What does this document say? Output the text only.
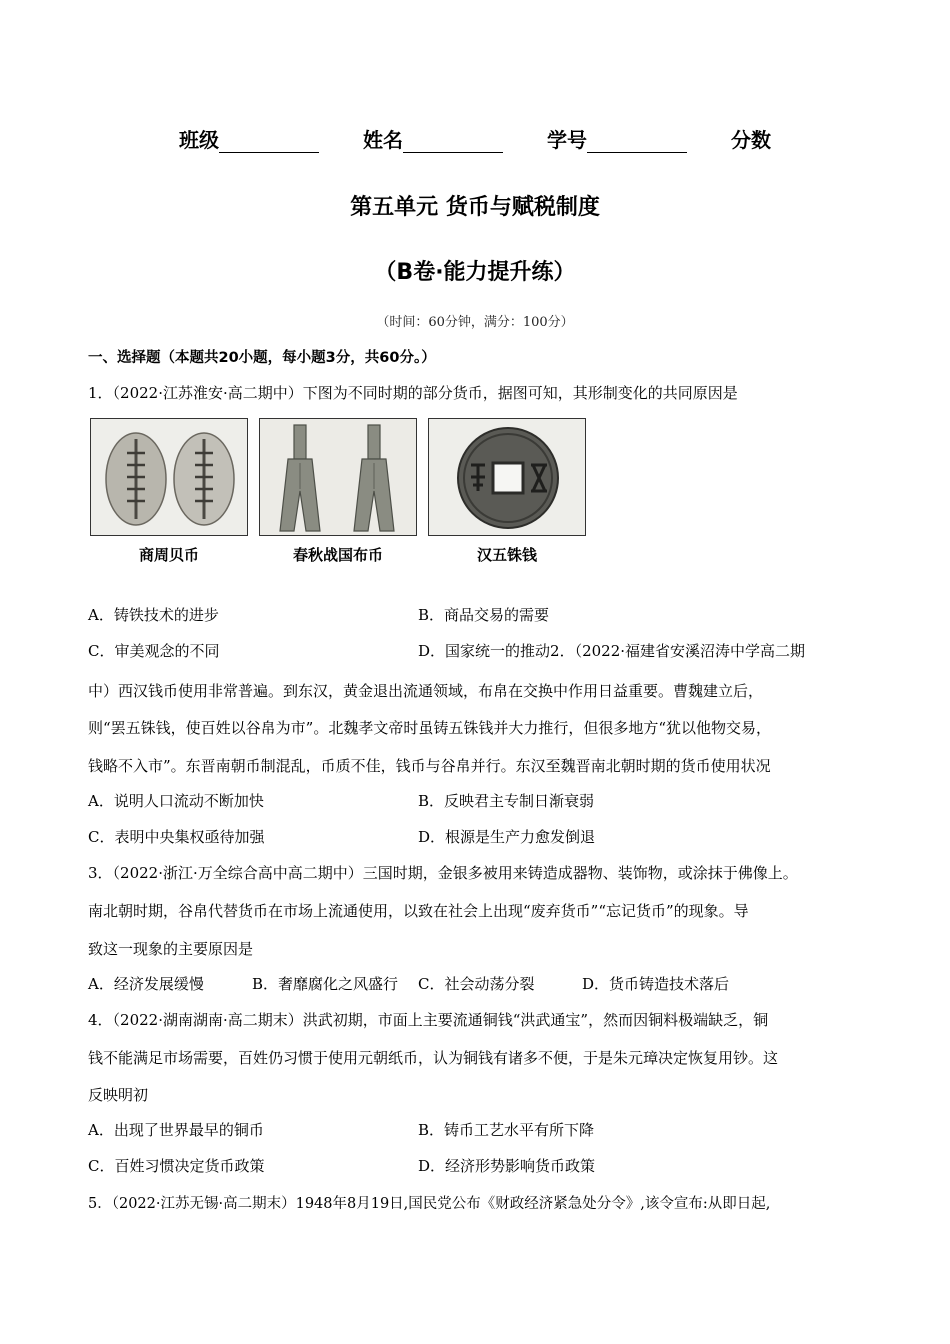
班级	姓名	学号	分数
第五单元 货币与赋税制度
（B卷·能力提升练）
（时间：60分钟，满分：100分）
一、选择题（本题共20小题，每小题3分，共60分。）
1．（2022·江苏淮安·高二期中）下图为不同时期的部分货币，据图可知，其形制变化的共同原因是
商周贝币	春秋战国布币	汉五铢钱
A．铸铁技术的进步	B．商品交易的需要
C．审美观念的不同	D．国家统一的推动2．（2022·福建省安溪沼涛中学高二期
中）西汉钱币使用非常普遍。到东汉，黄金退出流通领域，布帛在交换中作用日益重要。曹魏建立后，
则“罢五铢钱，使百姓以谷帛为市”。北魏孝文帝时虽铸五铢钱并大力推行，但很多地方“犹以他物交易，
钱略不入市”。东晋南朝币制混乱，币质不佳，钱币与谷帛并行。东汉至魏晋南北朝时期的货币使用状况
A．说明人口流动不断加快	B．反映君主专制日渐衰弱
C．表明中央集权亟待加强	D．根源是生产力愈发倒退
3．（2022·浙江·万全综合高中高二期中）三国时期，金银多被用来铸造成器物、装饰物，或涂抹于佛像上。
南北朝时期，谷帛代替货币在市场上流通使用，以致在社会上出现“废弃货币”“忘记货币”的现象。导
致这一现象的主要原因是
A．经济发展缓慢	B．奢靡腐化之风盛行 C．社会动荡分裂	D．货币铸造技术落后
4．（2022·湖南湖南·高二期末）洪武初期，市面上主要流通铜钱“洪武通宝”，然而因铜料极端缺乏，铜
钱不能满足市场需要，百姓仍习惯于使用元朝纸币，认为铜钱有诸多不便，于是朱元璋决定恢复用钞。这
反映明初
A．出现了世界最早的铜币	B．铸币工艺水平有所下降
C．百姓习惯决定货币政策	D．经济形势影响货币政策
5．（2022·江苏无锡·高二期末）1948年8月19日,国民党公布《财政经济紧急处分令》,该令宣布:从即日起,
